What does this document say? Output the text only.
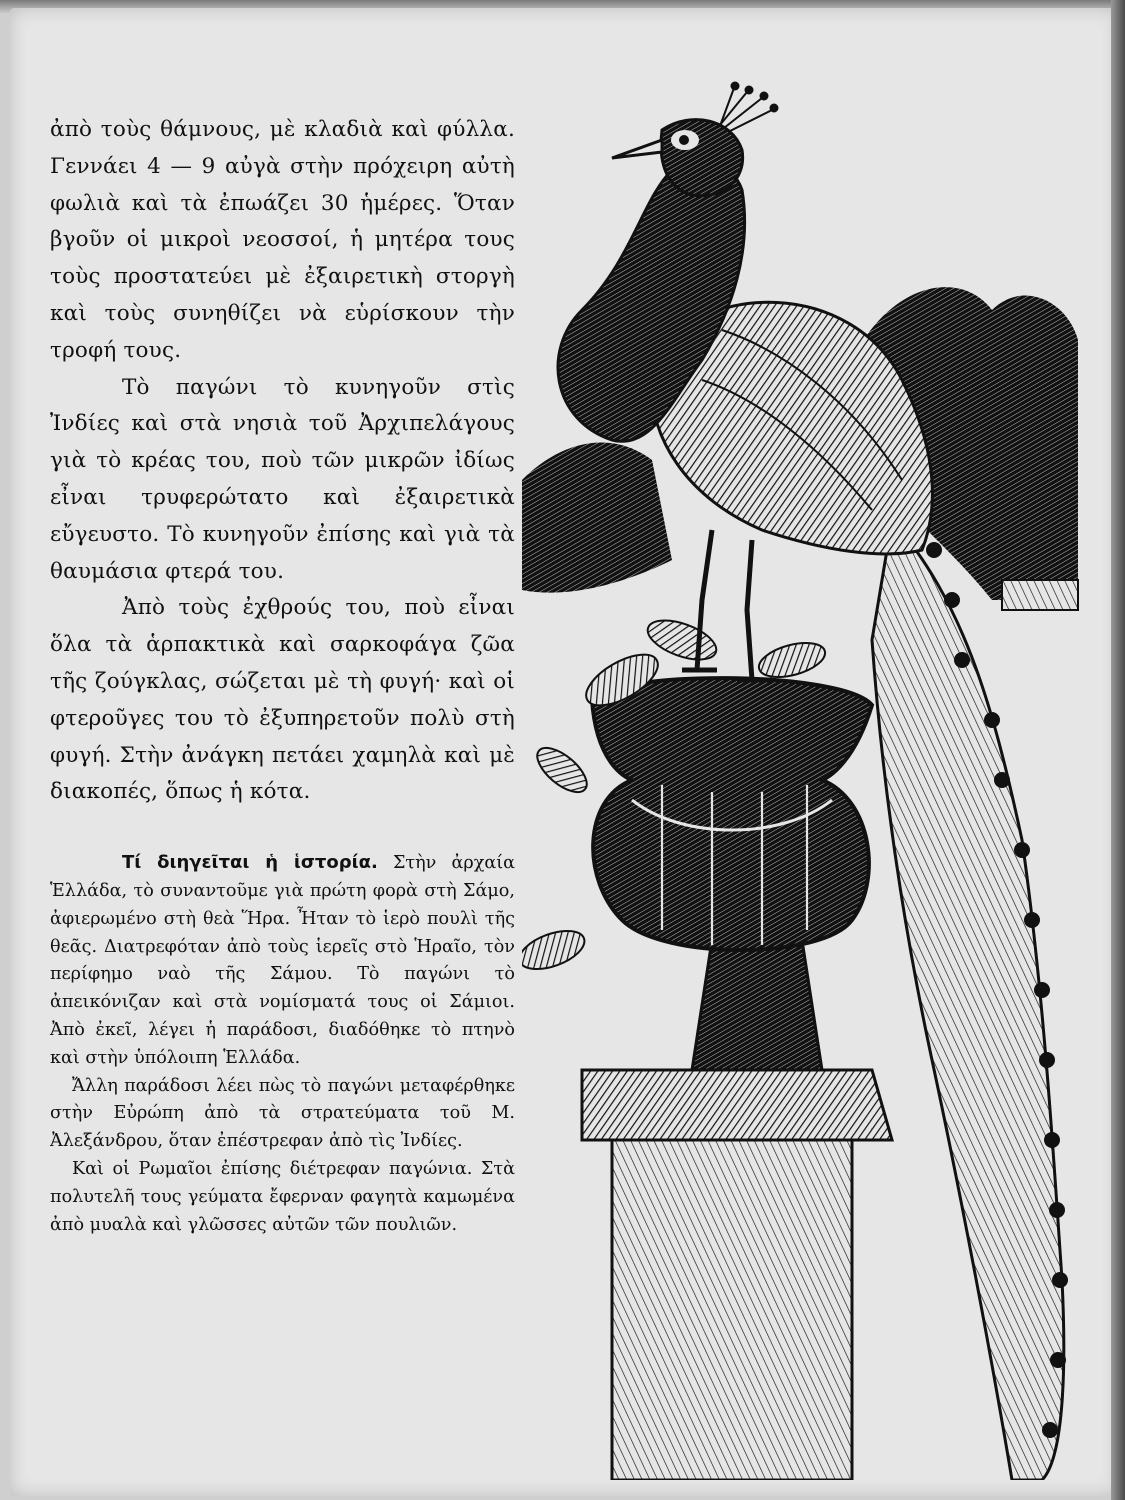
ἀπὸ τοὺς θάμνους, μὲ κλαδιὰ καὶ φύλλα. Γεννάει 4 — 9 αὐγὰ στὴν πρόχειρη αὐτὴ φωλιὰ καὶ τὰ ἐπωάζει 30 ἡμέρες. Ὅταν βγοῦν οἱ μικροὶ νεοσσοί, ἡ μητέρα τους τοὺς προστατεύει μὲ ἐξαιρετικὴ στοργὴ καὶ τοὺς συνηθίζει νὰ εὑρίσκουν τὴν τροφή τους.

Τὸ παγώνι τὸ κυνηγοῦν στὶς Ἰνδίες καὶ στὰ νησιὰ τοῦ Ἀρχιπελάγους γιὰ τὸ κρέας του, ποὺ τῶν μικρῶν ἰδίως εἶναι τρυφερώτατο καὶ ἐξαιρετικὰ εὔγευστο. Τὸ κυνηγοῦν ἐπίσης καὶ γιὰ τὰ θαυμάσια φτερά του.

Ἀπὸ τοὺς ἐχθρούς του, ποὺ εἶναι ὅλα τὰ ἁρπακτικὰ καὶ σαρκοφάγα ζῶα τῆς ζούγκλας, σώζεται μὲ τὴ φυγή· καὶ οἱ φτεροῦγες του τὸ ἐξυπηρετοῦν πολὺ στὴ φυγή. Στὴν ἀνάγκη πετάει χαμηλὰ καὶ μὲ διακοπές, ὅπως ἡ κότα.

Τί διηγεῖται ἡ ἱστορία. Στὴν ἀρχαία Ἑλλάδα, τὸ συναντοῦμε γιὰ πρώτη φορὰ στὴ Σάμο, ἀφιερωμένο στὴ θεὰ Ἥρα. Ἦταν τὸ ἱερὸ πουλὶ τῆς θεᾶς. Διατρεφόταν ἀπὸ τοὺς ἱερεῖς στὸ Ἡραῖο, τὸν περίφημο ναὸ τῆς Σάμου. Τὸ παγώνι τὸ ἀπεικόνιζαν καὶ στὰ νομίσματά τους οἱ Σάμιοι. Ἀπὸ ἐκεῖ, λέγει ἡ παράδοσι, διαδόθηκε τὸ πτηνὸ καὶ στὴν ὑπόλοιπη Ἑλλάδα.

Ἄλλη παράδοσι λέει πὼς τὸ παγώνι μεταφέρθηκε στὴν Εὐρώπη ἀπὸ τὰ στρατεύματα τοῦ Μ. Ἀλεξάνδρου, ὅταν ἐπέστρεφαν ἀπὸ τὶς Ἰνδίες.

Καὶ οἱ Ρωμαῖοι ἐπίσης διέτρεφαν παγώνια. Στὰ πολυτελῆ τους γεύματα ἔφερναν φαγητὰ καμωμένα ἀπὸ μυαλὰ καὶ γλῶσσες αὐτῶν τῶν πουλιῶν.
